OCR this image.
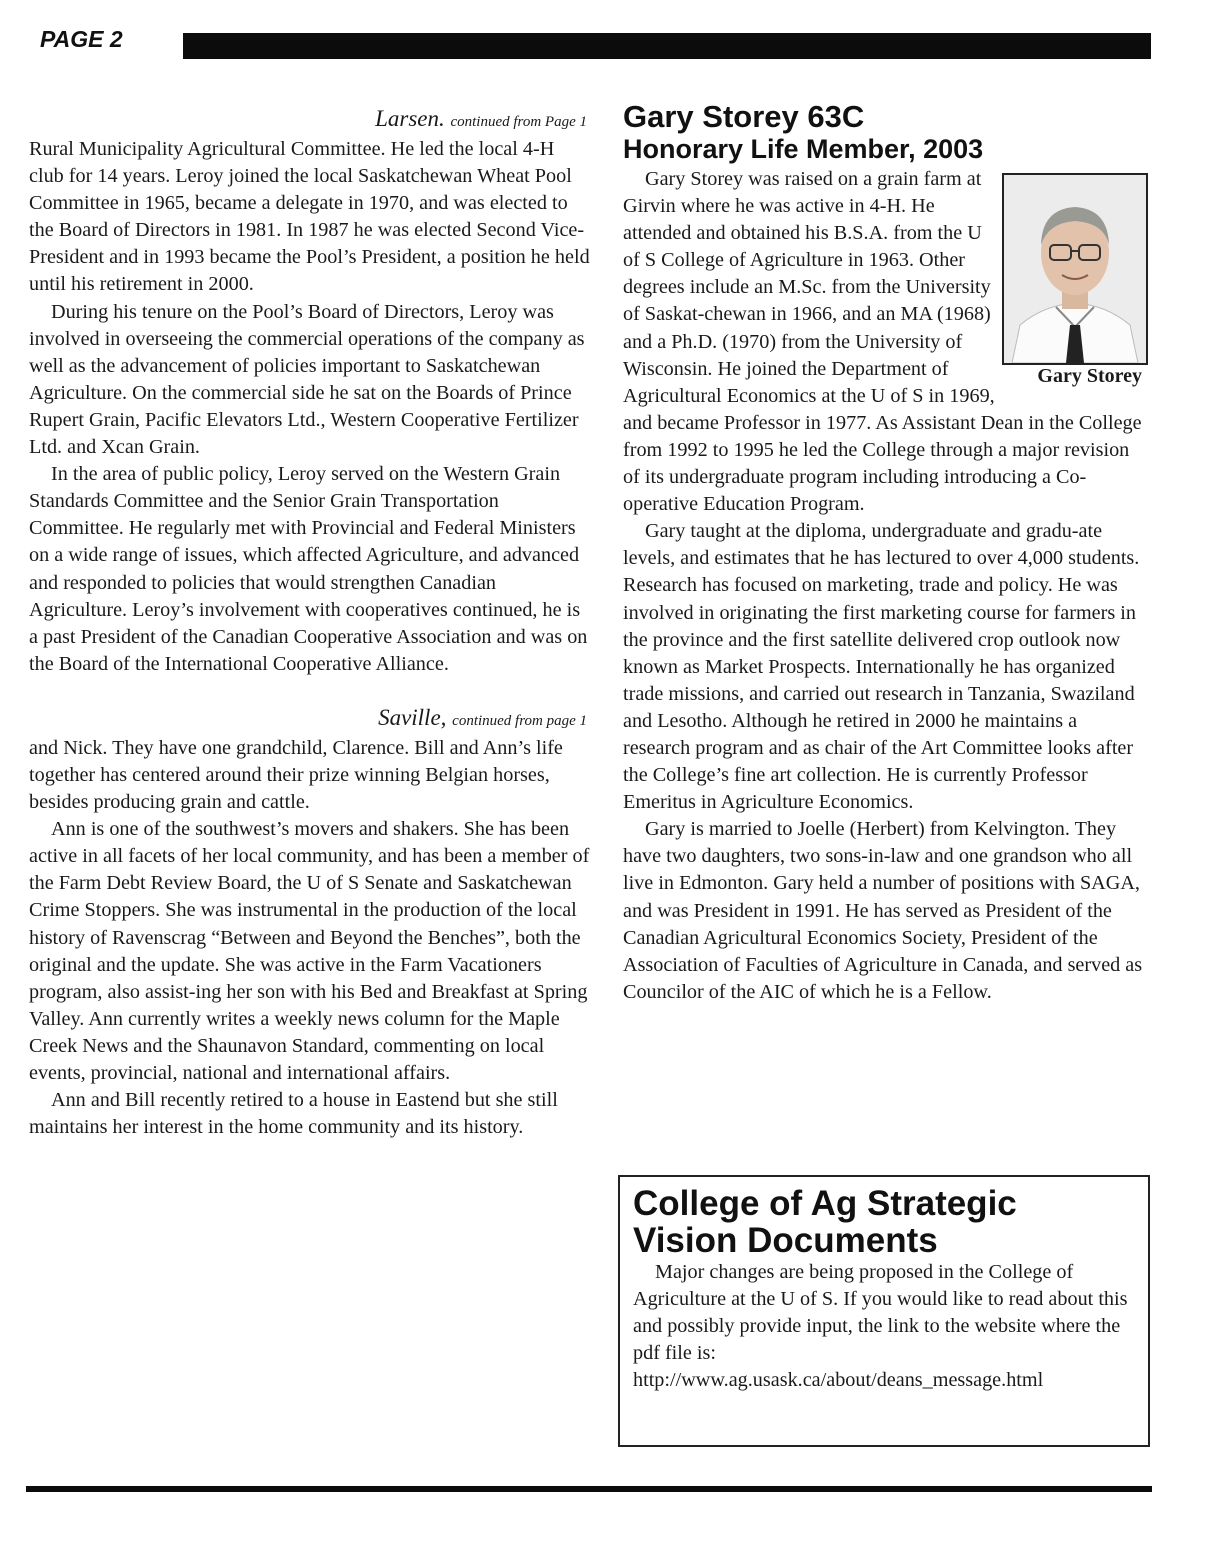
PAGE 2
Larsen. continued from Page 1

Rural Municipality Agricultural Committee. He led the local 4-H club for 14 years. Leroy joined the local Saskatchewan Wheat Pool Committee in 1965, became a delegate in 1970, and was elected to the Board of Directors in 1981. In 1987 he was elected Second Vice-President and in 1993 became the Pool’s President, a position he held until his retirement in 2000.

During his tenure on the Pool’s Board of Directors, Leroy was involved in overseeing the commercial operations of the company as well as the advancement of policies important to Saskatchewan Agriculture. On the commercial side he sat on the Boards of Prince Rupert Grain, Pacific Elevators Ltd., Western Cooperative Fertilizer Ltd. and Xcan Grain.

In the area of public policy, Leroy served on the Western Grain Standards Committee and the Senior Grain Transportation Committee. He regularly met with Provincial and Federal Ministers on a wide range of issues, which affected Agriculture, and advanced and responded to policies that would strengthen Canadian Agriculture. Leroy’s involvement with cooperatives continued, he is a past President of the Canadian Cooperative Association and was on the Board of the International Cooperative Alliance.

Saville, continued from page 1

and Nick. They have one grandchild, Clarence. Bill and Ann’s life together has centered around their prize winning Belgian horses, besides producing grain and cattle.

Ann is one of the southwest’s movers and shakers. She has been active in all facets of her local community, and has been a member of the Farm Debt Review Board, the U of S Senate and Saskatchewan Crime Stoppers. She was instrumental in the production of the local history of Ravenscrag “Between and Beyond the Benches”, both the original and the update. She was active in the Farm Vacationers program, also assist-ing her son with his Bed and Breakfast at Spring Valley. Ann currently writes a weekly news column for the Maple Creek News and the Shaunavon Standard, commenting on local events, provincial, national and international affairs.

Ann and Bill recently retired to a house in Eastend but she still maintains her interest in the home community and its history.

Gary Storey 63C
Honorary Life Member, 2003
Gary Storey

Gary Storey was raised on a grain farm at Girvin where he was active in 4-H. He attended and obtained his B.S.A. from the U of S College of Agriculture in 1963. Other degrees include an M.Sc. from the University of Saskat-chewan in 1966, and an MA (1968) and a Ph.D. (1970) from the University of Wisconsin. He joined the Department of Agricultural Economics at the U of S in 1969, and became Professor in 1977. As Assistant Dean in the College from 1992 to 1995 he led the College through a major revision of its undergraduate program including introducing a Co-operative Education Program.

Gary taught at the diploma, undergraduate and gradu-ate levels, and estimates that he has lectured to over 4,000 students. Research has focused on marketing, trade and policy. He was involved in originating the first marketing course for farmers in the province and the first satellite delivered crop outlook now known as Market Prospects. Internationally he has organized trade missions, and carried out research in Tanzania, Swaziland and Lesotho. Although he retired in 2000 he maintains a research program and as chair of the Art Committee looks after the College’s fine art collection. He is currently Professor Emeritus in Agriculture Economics.

Gary is married to Joelle (Herbert) from Kelvington. They have two daughters, two sons-in-law and one grandson who all live in Edmonton. Gary held a number of positions with SAGA, and was President in 1991. He has served as President of the Canadian Agricultural Economics Society, President of the Association of Faculties of Agriculture in Canada, and served as Councilor of the AIC of which he is a Fellow.

College of Ag Strategic
Vision Documents

Major changes are being proposed in the College of Agriculture at the U of S. If you would like to read about this and possibly provide input, the link to the website where the pdf file is:
http://www.ag.usask.ca/about/deans_message.html
